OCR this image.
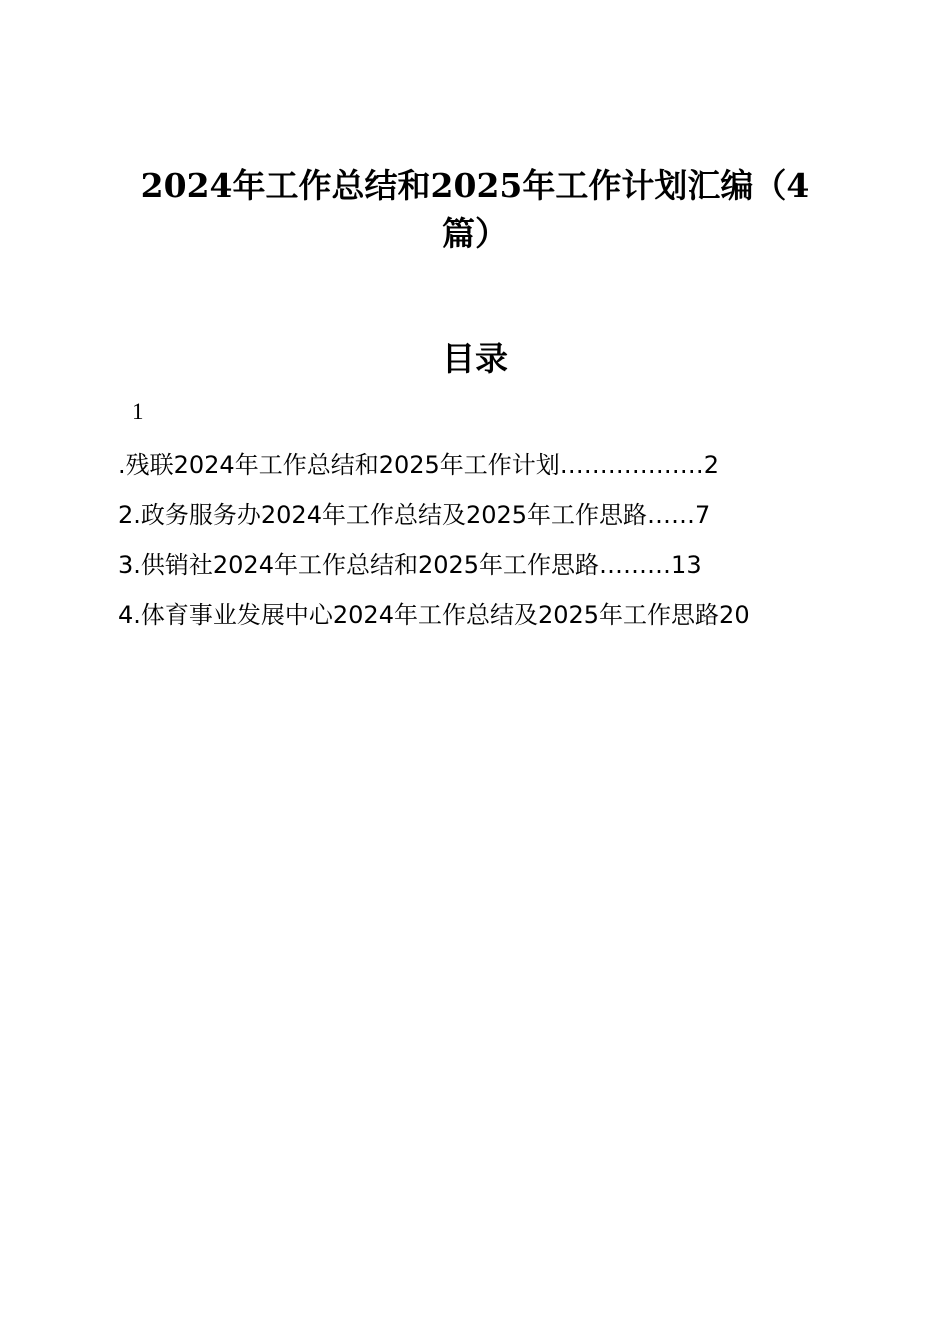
2024年工作总结和2025年工作计划汇编（4篇）
目录
1
.残联2024年工作总结和2025年工作计划………………2
2.政务服务办2024年工作总结及2025年工作思路……7
3.供销社2024年工作总结和2025年工作思路………13
4.体育事业发展中心2024年工作总结及2025年工作思路20
